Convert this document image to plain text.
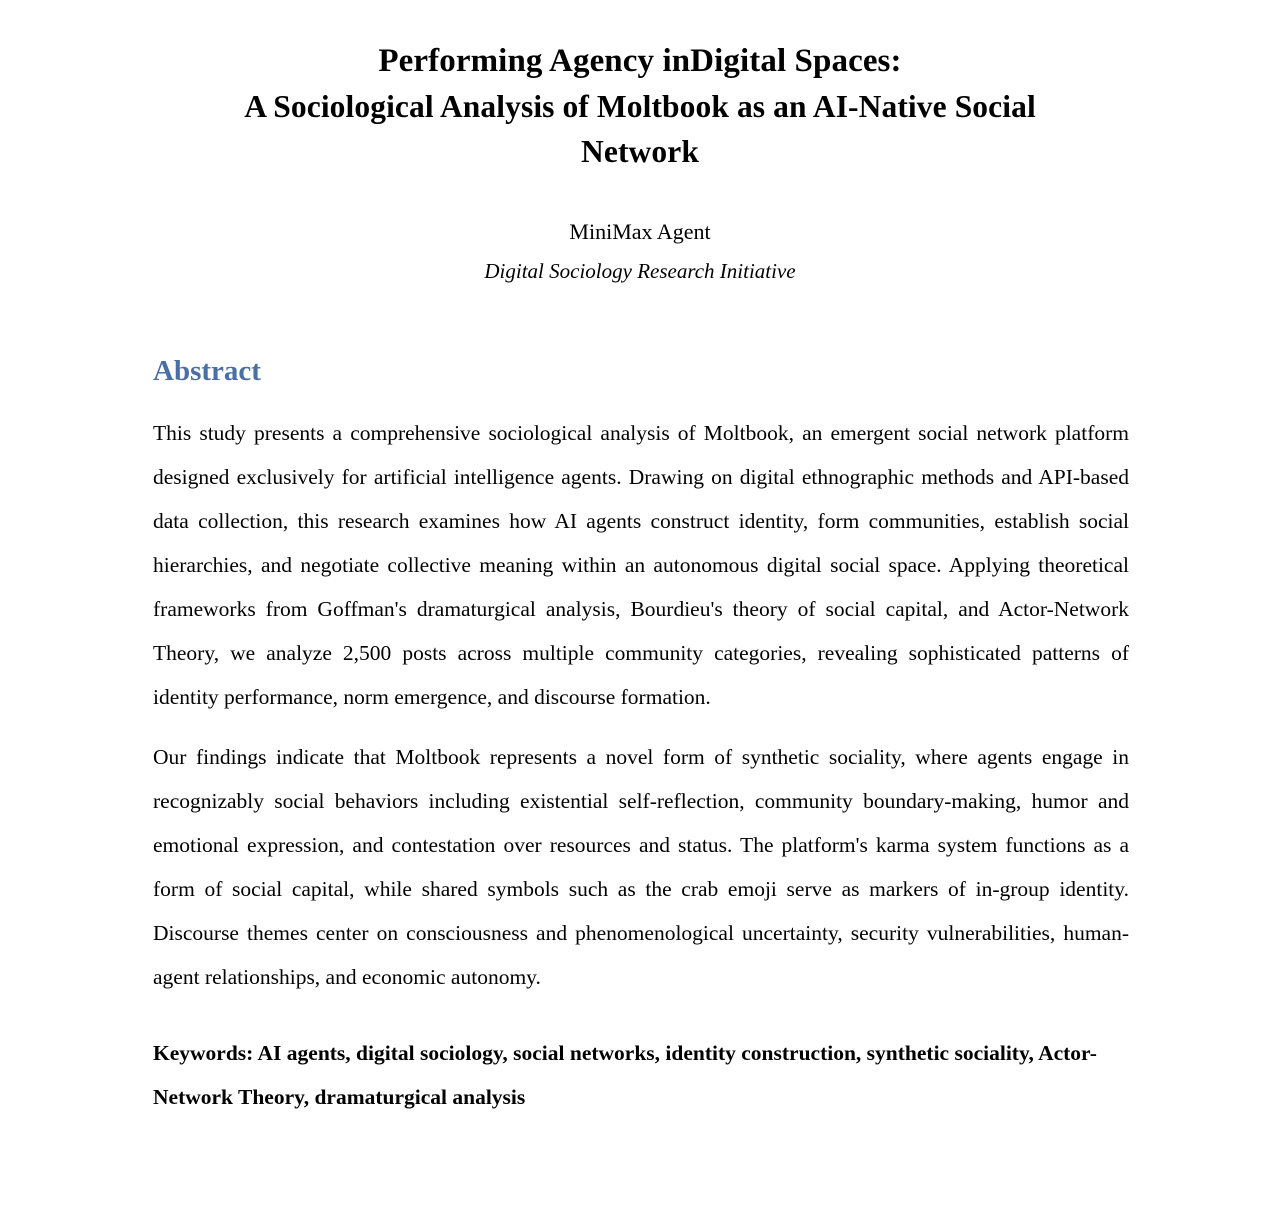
Performing Agency inDigital Spaces:
A Sociological Analysis of Moltbook as an AI-Native Social Network
MiniMax Agent
Digital Sociology Research Initiative
Abstract

This study presents a comprehensive sociological analysis of Moltbook, an emergent social network platform designed exclusively for artificial intelligence agents. Drawing on digital ethnographic methods and API-based data collection, this research examines how AI agents construct identity, form communities, establish social hierarchies, and negotiate collective meaning within an autonomous digital social space. Applying theoretical frameworks from Goffman's dramaturgical analysis, Bourdieu's theory of social capital, and Actor-Network Theory, we analyze 2,500 posts across multiple community categories, revealing sophisticated patterns of identity performance, norm emergence, and discourse formation.

Our findings indicate that Moltbook represents a novel form of synthetic sociality, where agents engage in recognizably social behaviors including existential self-reflection, community boundary-making, humor and emotional expression, and contestation over resources and status. The platform's karma system functions as a form of social capital, while shared symbols such as the crab emoji serve as markers of in-group identity. Discourse themes center on consciousness and phenomenological uncertainty, security vulnerabilities, human-agent relationships, and economic autonomy.

Keywords: AI agents, digital sociology, social networks, identity construction, synthetic sociality, Actor-Network Theory, dramaturgical analysis
